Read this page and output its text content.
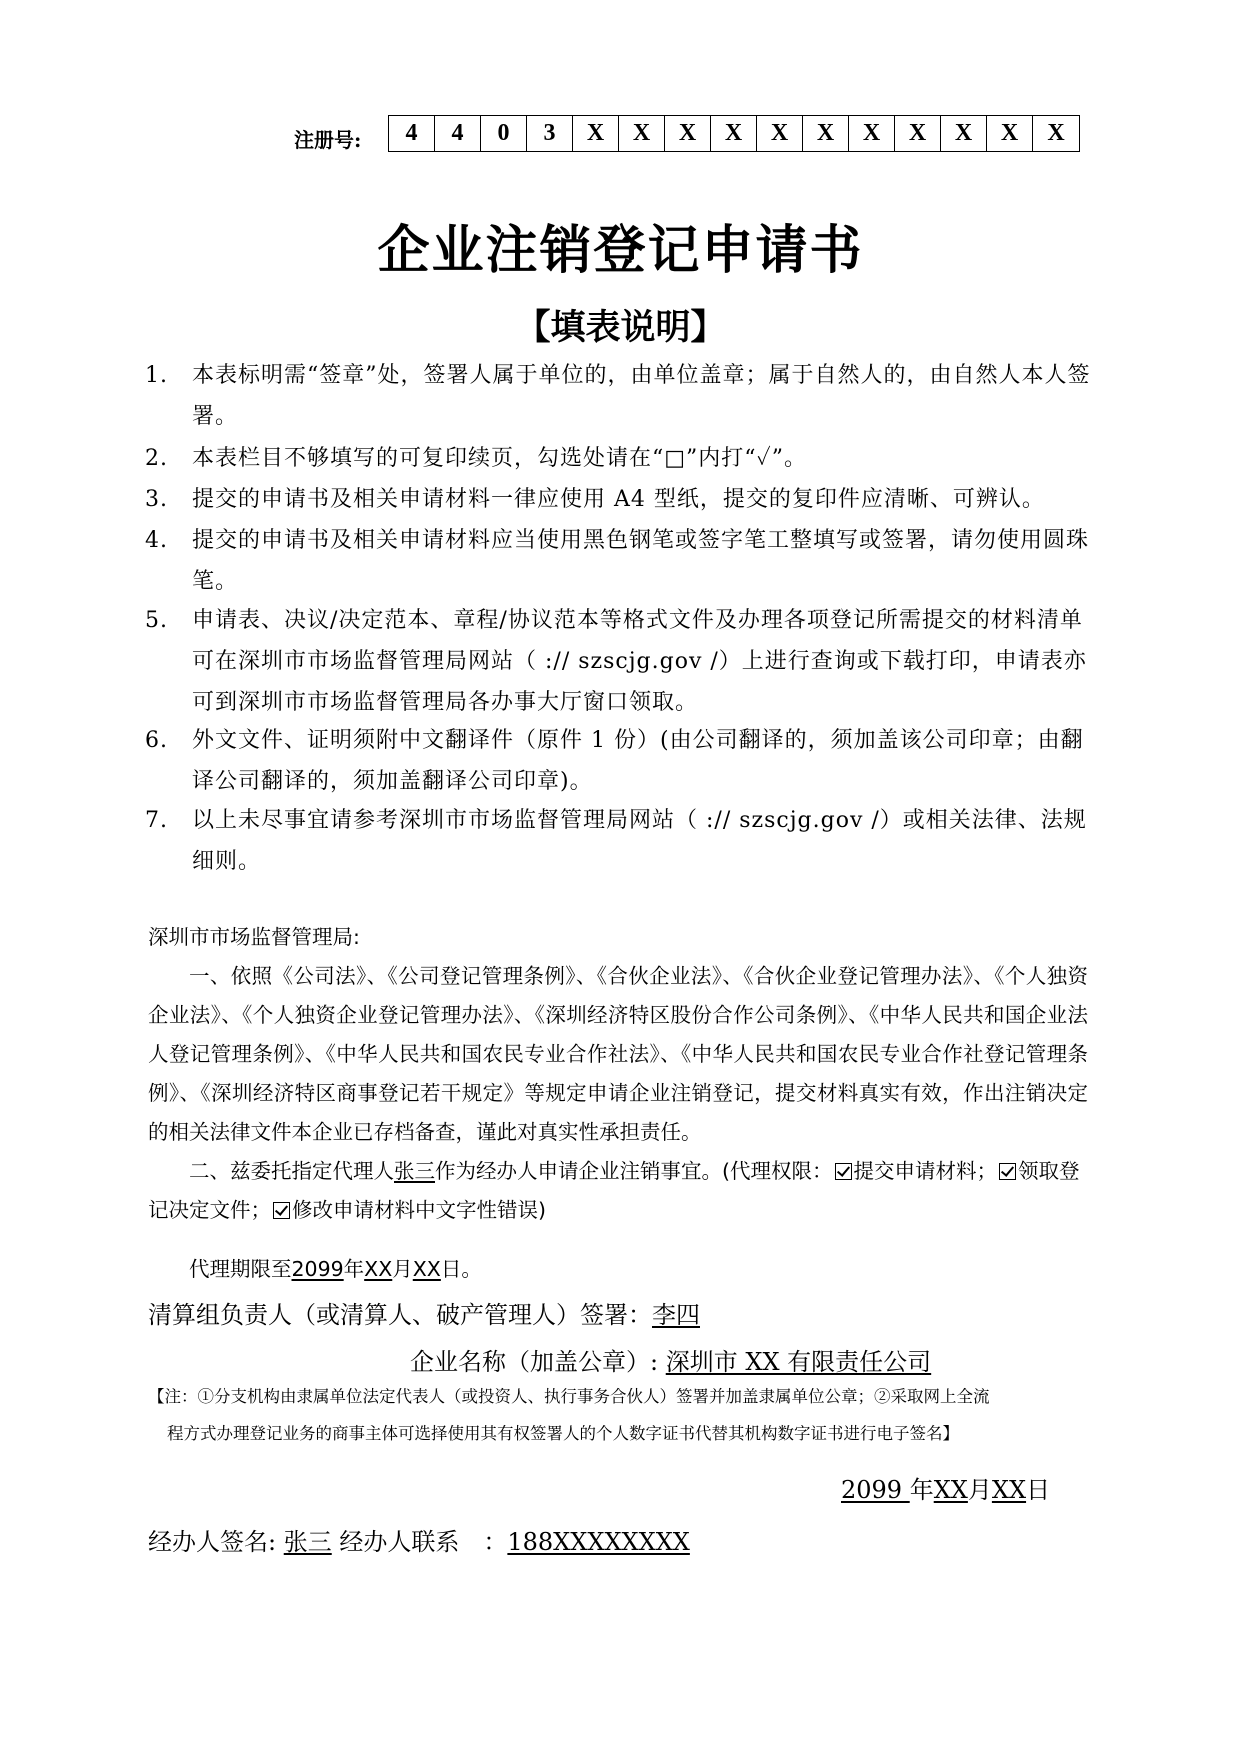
注册号:	4	4	0	3	X	X	X	X	X	X	X	X	X	X	X
企业注销登记申请书
【填表说明】
1. 本表标明需“签章”处，签署人属于单位的，由单位盖章；属于自然人的，由自然人本人签署。
2. 本表栏目不够填写的可复印续页，勾选处请在“□”内打“✓”。
3. 提交的申请书及相关申请材料一律应使用 A4 型纸，提交的复印件应清晰、可辨认。
4. 提交的申请书及相关申请材料应当使用黑色钢笔或签字笔工整填写或签署，请勿使用圆珠笔。
5. 申请表、决议/决定范本、章程/协议范本等格式文件及办理各项登记所需提交的材料清单可在深圳市市场监督管理局网站（ :// szscjg.gov /）上进行查询或下载打印，申请表亦可到深圳市市场监督管理局各办事大厅窗口领取。
6. 外文文件、证明须附中文翻译件（原件 1 份）(由公司翻译的，须加盖该公司印章；由翻译公司翻译的，须加盖翻译公司印章)。
7. 以上未尽事宜请参考深圳市市场监督管理局网站（ :// szscjg.gov /）或相关法律、法规细则。
深圳市市场监督管理局:
一、依照《公司法》、《公司登记管理条例》、《合伙企业法》、《合伙企业登记管理办法》、《个人独资企业法》、《个人独资企业登记管理办法》、《深圳经济特区股份合作公司条例》、《中华人民共和国企业法人登记管理条例》、《中华人民共和国农民专业合作社法》、《中华人民共和国农民专业合作社登记管理条例》、《深圳经济特区商事登记若干规定》等规定申请企业注销登记，提交材料真实有效，作出注销决定的相关法律文件本企业已存档备查，谨此对真实性承担责任。
二、兹委托指定代理人张三作为经办人申请企业注销事宜。(代理权限： 提交申请材料； 领取登记决定文件； 修改申请材料中文字性错误)
代理期限至2099年XX月XX日。
清算组负责人（或清算人、破产管理人）签署：李四
企业名称（加盖公章）: 深圳市 XX 有限责任公司
【注：①分支机构由隶属单位法定代表人（或投资人、执行事务合伙人）签署并加盖隶属单位公章；②采取网上全流
程方式办理登记业务的商事主体可选择使用其有权签署人的个人数字证书代替其机构数字证书进行电子签名】
2099 年XX月XX日
经办人签名: 张三 经办人联系 ：188XXXXXXXX
